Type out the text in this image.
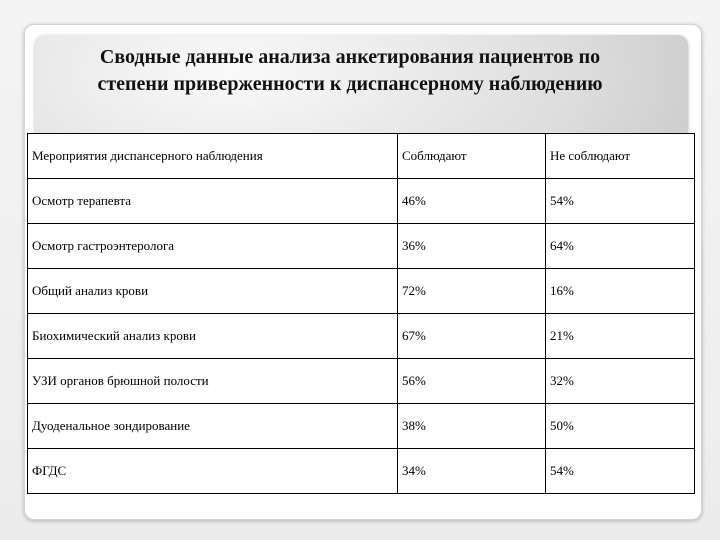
Сводные данные анализа анкетирования пациентов по
степени приверженности к диспансерному наблюдению
Мероприятия диспансерного наблюдения	Соблюдают	Не соблюдают
Осмотр терапевта	46%	54%
Осмотр гастроэнтеролога	36%	64%
Общий анализ крови	72%	16%
Биохимический анализ крови	67%	21%
УЗИ органов брюшной полости	56%	32%
Дуоденальное зондирование	38%	50%
ФГДС	34%	54%
